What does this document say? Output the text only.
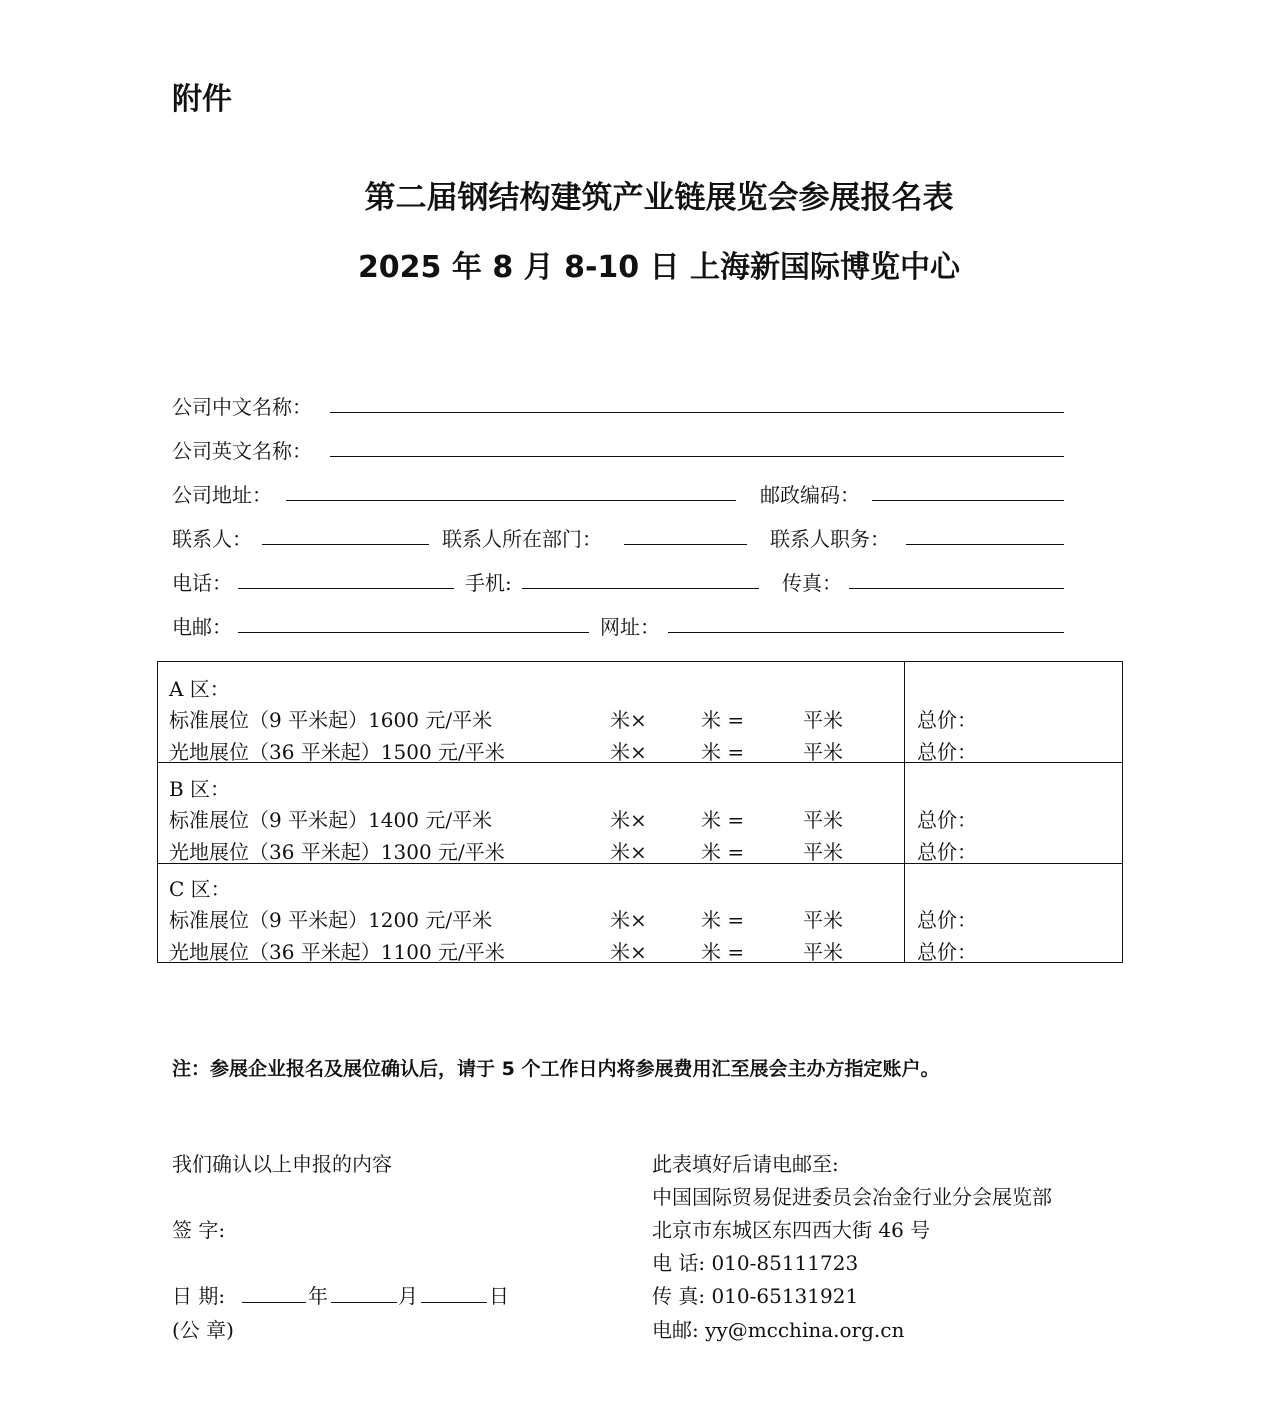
附件
第二届钢结构建筑产业链展览会参展报名表
2025 年 8 月 8-10 日 上海新国际博览中心
公司中文名称：
公司英文名称：
公司地址：	邮政编码：
联系人：	联系人所在部门：	联系人职务：
电话：	手机:	传真：
电邮：	网址：
A 区：
标准展位（9 平米起）1600 元/平米	米×	米 =	平米	总价：
光地展位（36 平米起）1500 元/平米	米×	米 =	平米	总价：
B 区：
标准展位（9 平米起）1400 元/平米	米×	米 =	平米	总价：
光地展位（36 平米起）1300 元/平米	米×	米 =	平米	总价：
C 区：
标准展位（9 平米起）1200 元/平米	米×	米 =	平米	总价：
光地展位（36 平米起）1100 元/平米	米×	米 =	平米	总价：
注：参展企业报名及展位确认后，请于 5 个工作日内将参展费用汇至展会主办方指定账户。
我们确认以上申报的内容
签 字:
日 期:	年	月	日
(公 章)
此表填好后请电邮至:
中国国际贸易促进委员会冶金行业分会展览部
北京市东城区东四西大街 46 号
电 话: 010-85111723
传 真: 010-65131921
电邮: yy@mcchina.org.cn
